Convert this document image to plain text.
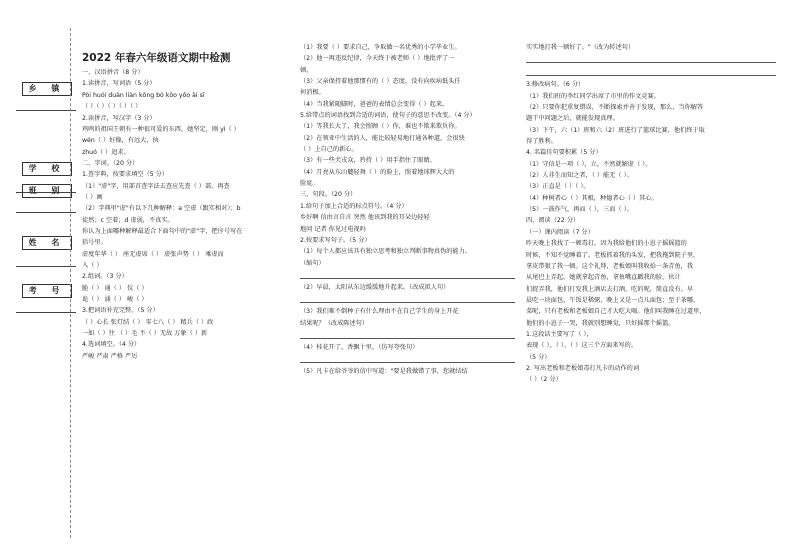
乡 镇
学 校
班 别
姓 名
考 号

2022 年春六年级语文期中检测

一、汉语拼音（8 分）

1.读拼音，写词语（5 分）

Pòi huói duàn liàn kōng bó kǒo yǒo ài sī

（ ）（ ）（ ）（ ）（ ）

2.读拼音，写汉字（3 分）

鸡鸣的祖国王朝有一种很可爱的东西，她坚定，刚 yì（ ）

wén（ ）好像，有远大、执

zhuó（ ）追求。

二、字词。（20 分）

1.查字典，按要求填空（5 分）

（1）"虚"字，用部首查字法去查应先查（ ）部，再查

（ ）画

（2）字典里"虚"有以下几种解释：a 空虚（跟实相对）；b

徒然；c 空着；d 虚弱，不真实。

你认为上面哪种解释最适合下面句中的"虚"字，把序号写在

括号里。

虚度年华（ ） 座无虚席（ ） 虚张声势（ ） 乘虚而

入（ ）

2.组词。（3 分）

脆（ ） 通（ ） 仪（ ）

诡（ ） 涌（ ） 峻（ ）

3.把词语补充完整。（5 分）

（ ）心长 张灯结（ ） 零七八（ ） 精兵（ ）政

一如（ ）往 （ ）毛 不（ ）无故 万象（ ）新

4.选词填空。（4 分）

严峻 严肃 严格 严厉

（1）我要（ ）要求自己，争取做一名优秀的小学毕业生。

（2）他一再违反纪律，今天终于被老师（ ）地批评了一

顿。

（3）父亲保持着他那惯有的（ ）态度，没有向疾病低头任

何消极。

（4）当我紧随脚时，爸爸的表情总会变得（ ）起来。

5.给带点的词语找到合适的词语，使句子的意思不改变。（4 分）

（1）等我长大了，我会照顾（ ）你，谁也不欺来欺负你。

（2）在领亚中生活的人，能比较轻易地打通各种道，会很快

（ ）上自己的新心。

（3）有一些犬戎众，矜持（ ）用手指住了眼睛。

（4）月亮从东山麓轻舞（ ）的脸上，照着地球辉大大的

脸庞。

三、句段。（20 分）

1.给句子加上合适的标点符号。（4 分）

乡好啊 信由言自言 突然 他该到我的耳朵边轻轻

地问 记者 你见过电视吗

2.按要求写句子。（5 分）

（1）每个人都应该具有独立思考和独立判断事物真伪的能力。

（缩句）

（2）早晨，太阳从东边缓缓地升起来。（改成拟人句）

（3）我们难不倒种子有什么理由不在自己学生的身上开花

结果呢？（改成陈述句）

（4）桂花开了，香飘十里。（仿写夸张句）

（5）凡卡在给爷爷的信中写道："要是我做错了事，您就结结

实实地打我一顿好了。"（改为转述句）

3.修改病句。（6 分）

（1）我们班的李红同学出席了市里的作文竞赛。

（2）只要你犯重复错误，不断探索并善于发现，那么，当你解答

题干中问题之后，就能发现真理。

（3）下午，六（1）班和六（2）班进行了篮球比赛，他们终于取

得了胜利。

4. 名篇佳句要积累（5 分）

（1）守信是一项（ ），立，不然就解虚（ ）。

（2）人非生而知之者，（ ）能无（ ）。

（3）正直是（ ）（ ）。

（4）种树者心（ ）其根，种德者心（ ）其心。

（5）一鼓作气，再而（ ），三而（ ）。

四、阅读（22 分）

（一）课内阅读（7 分）

昨天晚上我找了一顿毒打，因为我给他们的小崽子摇摇篮的

时候，不知不觉睡着了。老板抓着我的头发，把我拖到院子里，

拿皮带狠了我一顿。这个礼拜，老板娘叫我收拾一条青鱼，我

从尾巴上弄起，她就拿起青鱼，拿鱼嘴直戳我的脸。伙计

们捉弄我，他们打发我上酒店去打酒，吃的呢，简直没有。早

晨吃一块面包，午饭是稀粥，晚上又是一点儿面包；至于茶哪，

菜呢，只有老板和老板娘自己才大吃大喝。他们叫我睡在过道里，

他们的小崽子一哭，我就别想睡觉，只好摇那个摇篮。

1.这段话主要写了（ ），

表现（ ）、（ ）、（ ）这三个方面来写的。

（5 分）

2. 写出老板和老板娘毒打凡卡的动作的词

（ ）（2 分）
